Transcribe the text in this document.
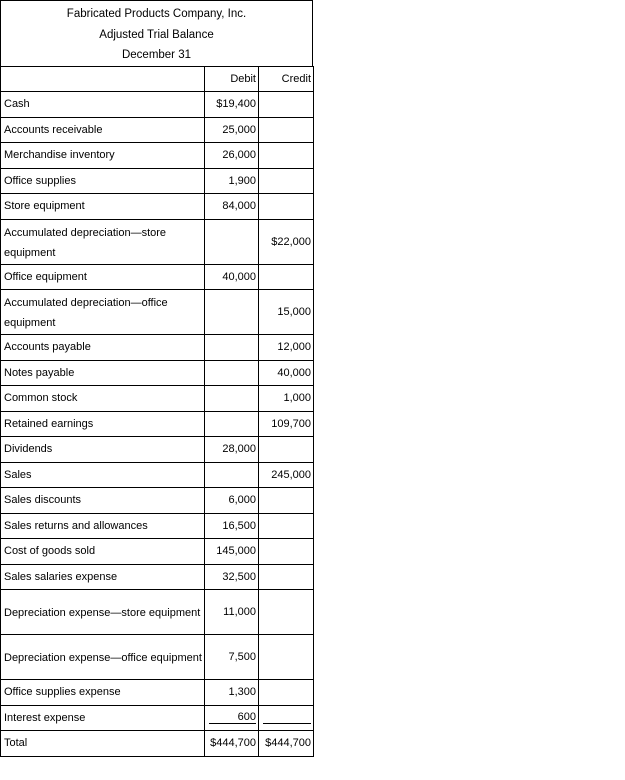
Fabricated Products Company, Inc.
Adjusted Trial Balance
December 31
	Debit	Credit
Cash	$19,400	
Accounts receivable	25,000	
Merchandise inventory	26,000	
Office supplies	1,900	
Store equipment	84,000	
Accumulated depreciation—store equipment		$22,000
Office equipment	40,000	
Accumulated depreciation—office equipment		15,000
Accounts payable		12,000
Notes payable		40,000
Common stock		1,000
Retained earnings		109,700
Dividends	28,000	
Sales		245,000
Sales discounts	6,000	
Sales returns and allowances	16,500	
Cost of goods sold	145,000	
Sales salaries expense	32,500	
Depreciation expense—store equipment	11,000	
Depreciation expense—office equipment	7,500	
Office supplies expense	1,300	
Interest expense	600	

Total	$444,700	$444,700
